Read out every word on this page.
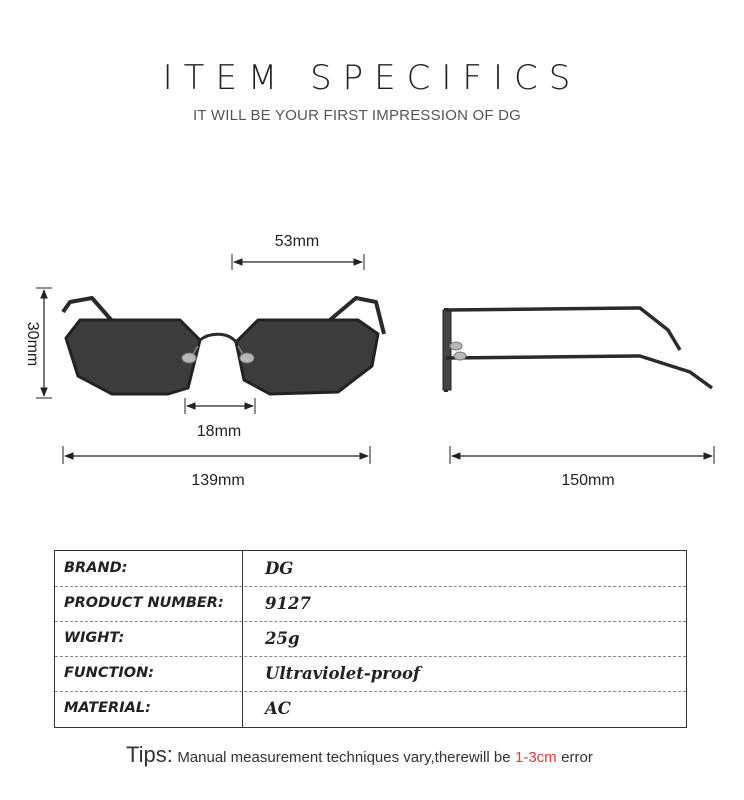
ITEM SPECIFICS
IT WILL BE YOUR FIRST IMPRESSION OF DG
53mm
30mm
18mm
139mm	150mm
BRAND:	DG
PRODUCT NUMBER: 9127
WIGHT:	25g
FUNCTION:	Ultraviolet-proof
MATERIAL:	AC
Tips: Manual measurement techniques vary,therewill be 1-3cm error
